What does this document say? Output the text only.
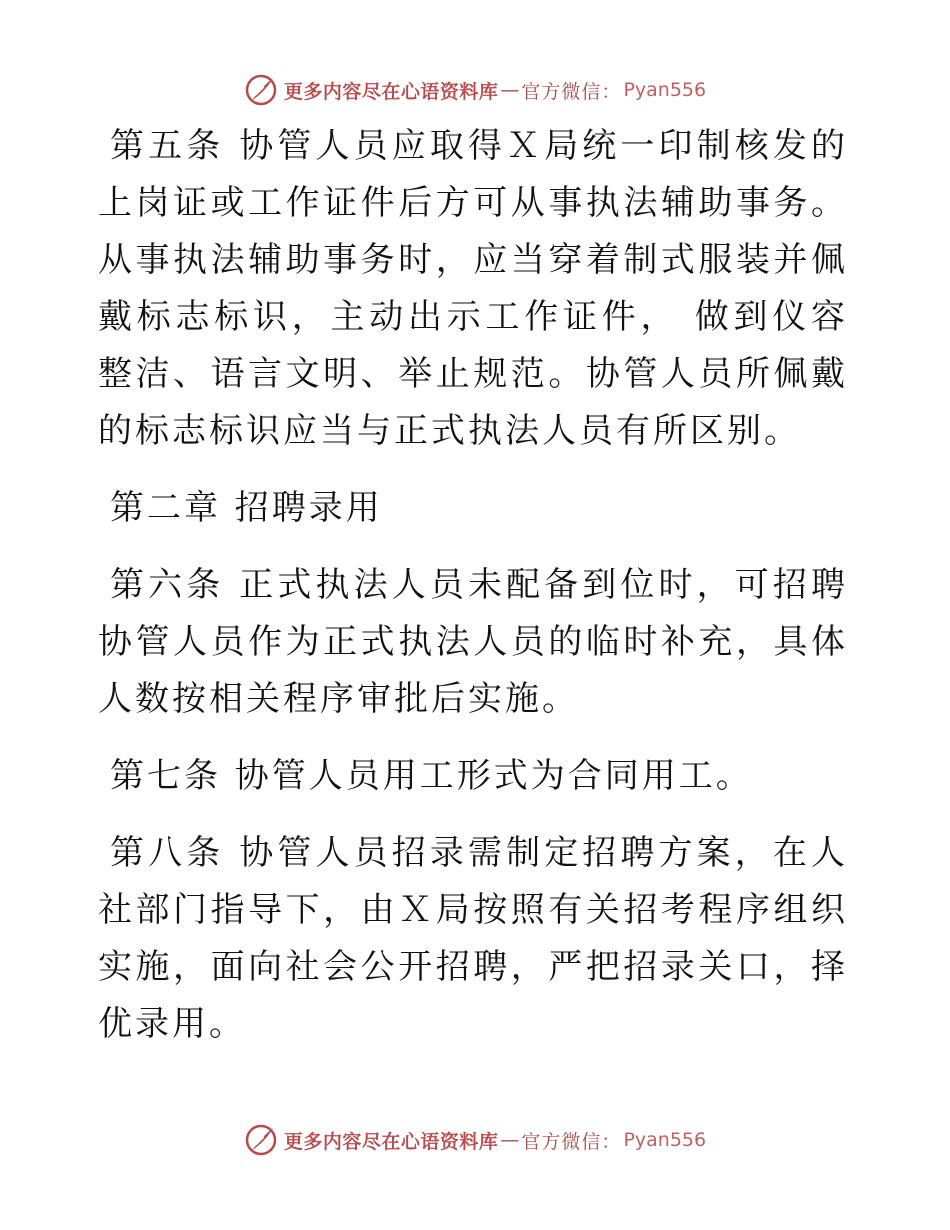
更多内容尽在心语资料库 — 官方微信： Pyan556

第五条 协管人员应取得Ｘ局统一印制核发的上岗证或工作证件后方可从事执法辅助事务。从事执法辅助事务时，应当穿着制式服装并佩戴标志标识，主动出示工作证件， 做到仪容整洁、语言文明、举止规范。协管人员所佩戴的标志标识应当与正式执法人员有所区别。

第二章 招聘录用

第六条 正式执法人员未配备到位时，可招聘协管人员作为正式执法人员的临时补充，具体人数按相关程序审批后实施。

第七条 协管人员用工形式为合同用工。

第八条 协管人员招录需制定招聘方案，在人社部门指导下，由Ｘ局按照有关招考程序组织实施，面向社会公开招聘，严把招录关口，择优录用。

更多内容尽在心语资料库 — 官方微信： Pyan556
